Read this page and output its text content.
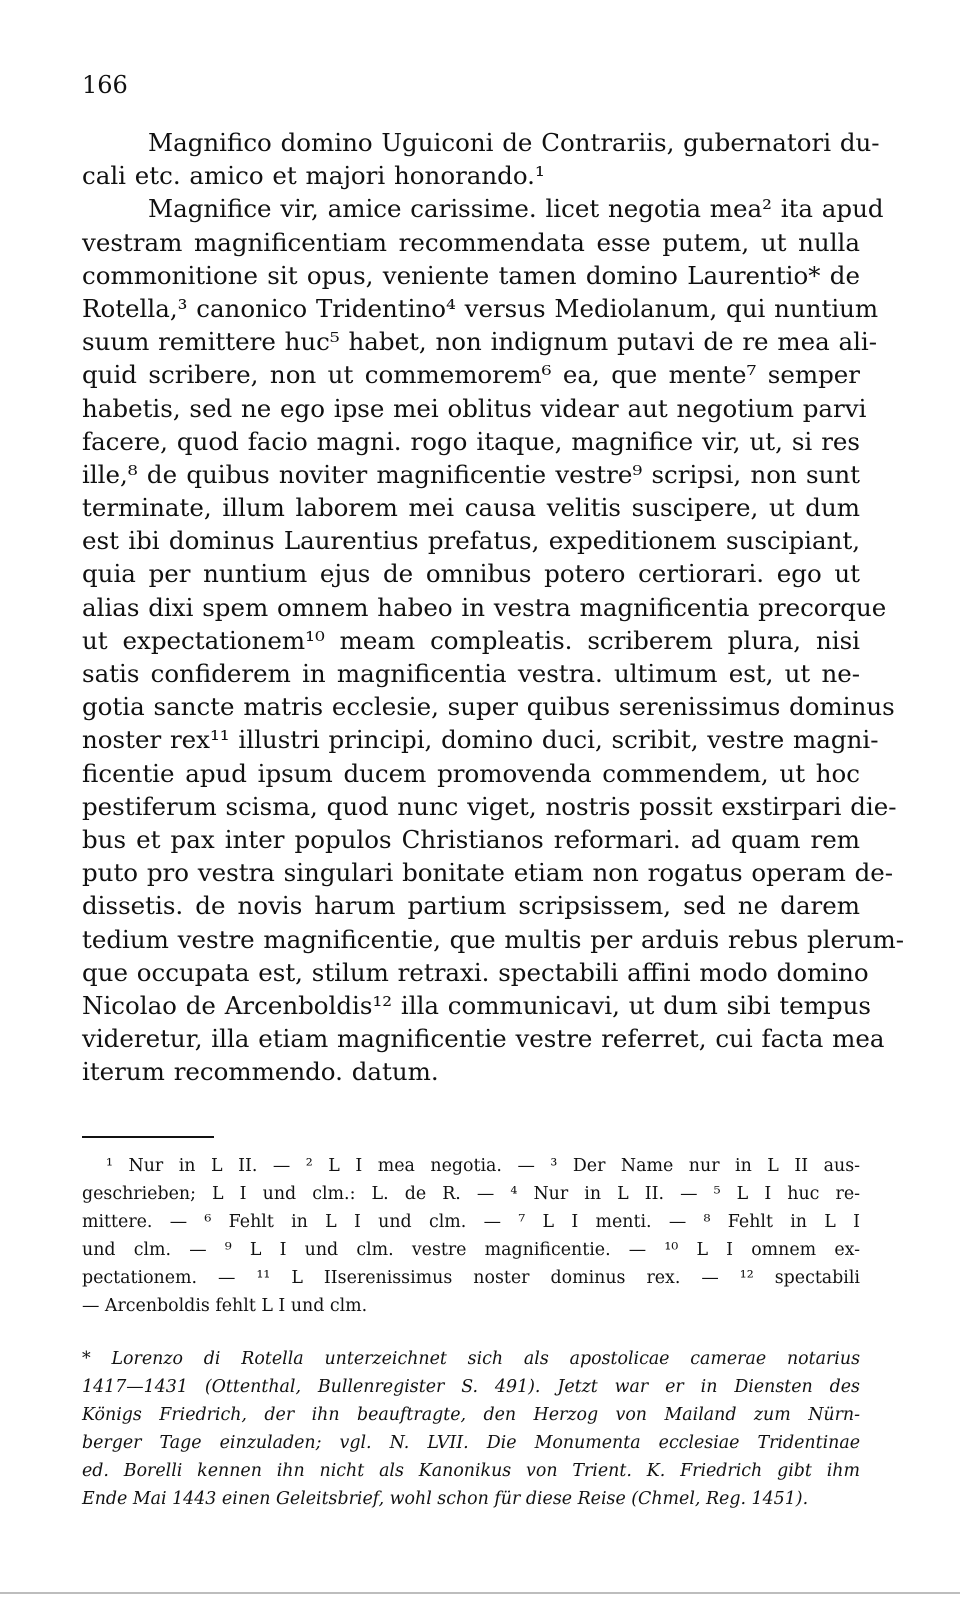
166
Magnifico domino Uguiconi de Contrariis, gubernatori du-
cali etc. amico et majori honorando.¹
Magnifice vir, amice carissime. licet negotia mea² ita apud
vestram magnificentiam recommendata esse putem, ut nulla
commonitione sit opus, veniente tamen domino Laurentio* de
Rotella,³ canonico Tridentino⁴ versus Mediolanum, qui nuntium
suum remittere huc⁵ habet, non indignum putavi de re mea ali-
quid scribere, non ut commemorem⁶ ea, que mente⁷ semper
habetis, sed ne ego ipse mei oblitus videar aut negotium parvi
facere, quod facio magni. rogo itaque, magnifice vir, ut, si res
ille,⁸ de quibus noviter magnificentie vestre⁹ scripsi, non sunt
terminate, illum laborem mei causa velitis suscipere, ut dum
est ibi dominus Laurentius prefatus, expeditionem suscipiant,
quia per nuntium ejus de omnibus potero certiorari. ego ut
alias dixi spem omnem habeo in vestra magnificentia precorque
ut expectationem¹⁰ meam compleatis. scriberem plura, nisi
satis confiderem in magnificentia vestra. ultimum est, ut ne-
gotia sancte matris ecclesie, super quibus serenissimus dominus
noster rex¹¹ illustri principi, domino duci, scribit, vestre magni-
ficentie apud ipsum ducem promovenda commendem, ut hoc
pestiferum scisma, quod nunc viget, nostris possit exstirpari die-
bus et pax inter populos Christianos reformari. ad quam rem
puto pro vestra singulari bonitate etiam non rogatus operam de-
dissetis. de novis harum partium scripsissem, sed ne darem
tedium vestre magnificentie, que multis per arduis rebus plerum-
que occupata est, stilum retraxi. spectabili affini modo domino
Nicolao de Arcenboldis¹² illa communicavi, ut dum sibi tempus
videretur, illa etiam magnificentie vestre referret, cui facta mea
iterum recommendo. datum.
¹ Nur in L II. — ² L I mea negotia. — ³ Der Name nur in L II aus-
geschrieben; L I und clm.: L. de R. — ⁴ Nur in L II. — ⁵ L I huc re-
mittere. — ⁶ Fehlt in L I und clm. — ⁷ L I menti. — ⁸ Fehlt in L I
und clm. — ⁹ L I und clm. vestre magnificentie. — ¹⁰ L I omnem ex-
pectationem. — ¹¹ L IIserenissimus noster dominus rex. — ¹² spectabili
— Arcenboldis fehlt L I und clm.
* Lorenzo di Rotella unterzeichnet sich als apostolicae camerae notarius
1417—1431 (Ottenthal, Bullenregister S. 491). Jetzt war er in Diensten des
Königs Friedrich, der ihn beauftragte, den Herzog von Mailand zum Nürn-
berger Tage einzuladen; vgl. N. LVII. Die Monumenta ecclesiae Tridentinae
ed. Borelli kennen ihn nicht als Kanonikus von Trient. K. Friedrich gibt ihm
Ende Mai 1443 einen Geleitsbrief, wohl schon für diese Reise (Chmel, Reg. 1451).
